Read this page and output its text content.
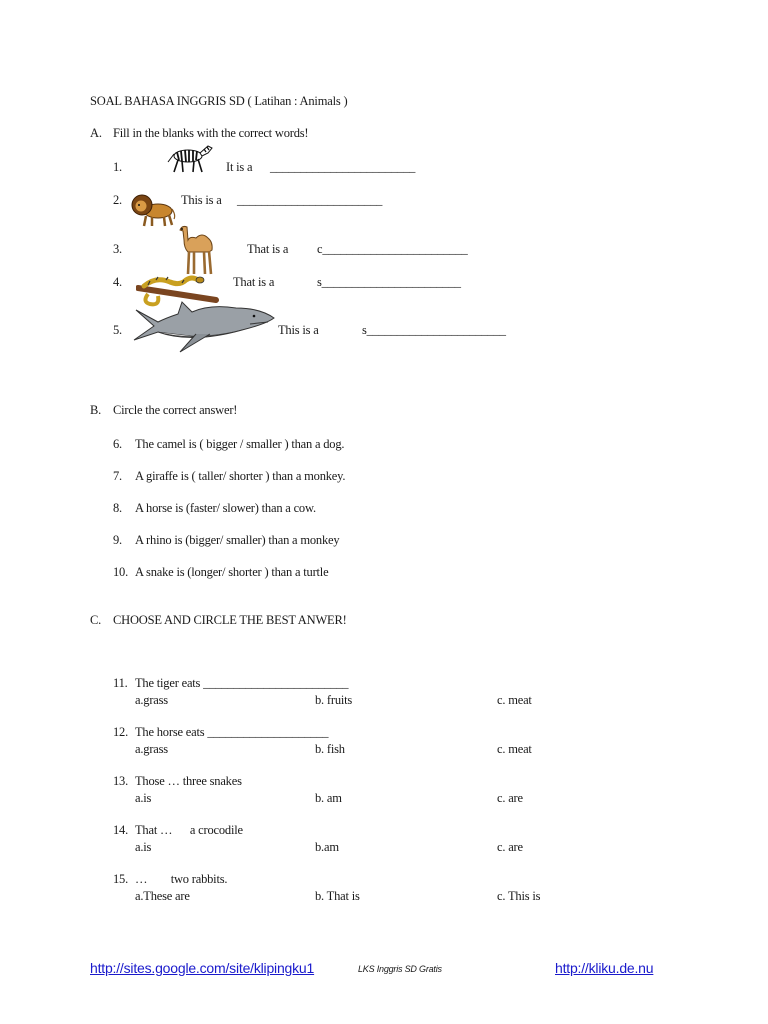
SOAL BAHASA INGGRIS SD ( Latihan : Animals )
A. Fill in the blanks with the correct words!
1.	It is a ________________________
2.	This is a ________________________
3.	That is a c________________________
4.	That is a	s_______________________
5.	This is a	s_______________________
B. Circle the correct answer!
6. The camel is ( bigger / smaller ) than a dog.
7. A giraffe is ( taller/ shorter ) than a monkey.
8. A horse is (faster/ slower) than a cow.
9. A rhino is (bigger/ smaller) than a monkey
10. A snake is (longer/ shorter ) than a turtle
C. CHOOSE AND CIRCLE THE BEST ANWER!
11. The tiger eats ________________________
a.grass	b. fruits	c. meat
12. The horse eats ____________________
a.grass	b. fish	c. meat
13. Those … three snakes
a.is	b. am	c. are
14. That …      a crocodile
a.is	b.am	c. are
15. …        two rabbits.
a.These are	b. That is	c. This is
http://sites.google.com/site/klipingku1	LKS Inggris SD Gratis	http://kliku.de.nu
